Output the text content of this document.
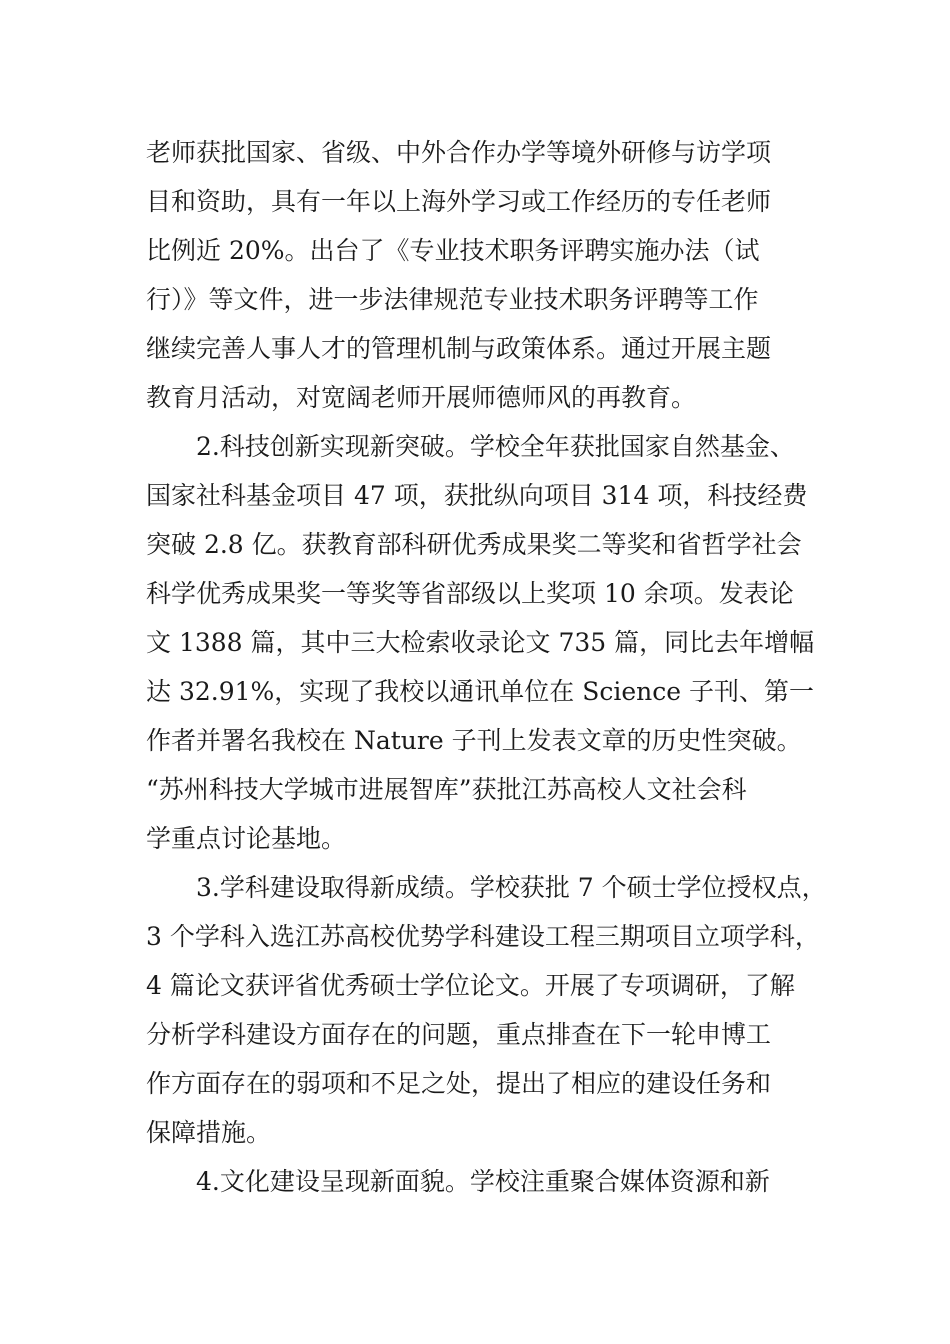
老师获批国家、省级、中外合作办学等境外研修与访学项
目和资助，具有一年以上海外学习或工作经历的专任老师
比例近 20%。出台了《专业技术职务评聘实施办法（试
行）》等文件，进一步法律规范专业技术职务评聘等工作
继续完善人事人才的管理机制与政策体系。通过开展主题
教育月活动，对宽阔老师开展师德师风的再教育。
2.科技创新实现新突破。学校全年获批国家自然基金、
国家社科基金项目 47 项，获批纵向项目 314 项，科技经费
突破 2.8 亿。获教育部科研优秀成果奖二等奖和省哲学社会
科学优秀成果奖一等奖等省部级以上奖项 10 余项。发表论
文 1388 篇，其中三大检索收录论文 735 篇，同比去年增幅
达 32.91%，实现了我校以通讯单位在 Science 子刊、第一
作者并署名我校在 Nature 子刊上发表文章的历史性突破。
“苏州科技大学城市进展智库”获批江苏高校人文社会科
学重点讨论基地。
3.学科建设取得新成绩。学校获批 7 个硕士学位授权点，
3 个学科入选江苏高校优势学科建设工程三期项目立项学科，
4 篇论文获评省优秀硕士学位论文。开展了专项调研，了解
分析学科建设方面存在的问题，重点排查在下一轮申博工
作方面存在的弱项和不足之处，提出了相应的建设任务和
保障措施。
4.文化建设呈现新面貌。学校注重聚合媒体资源和新
